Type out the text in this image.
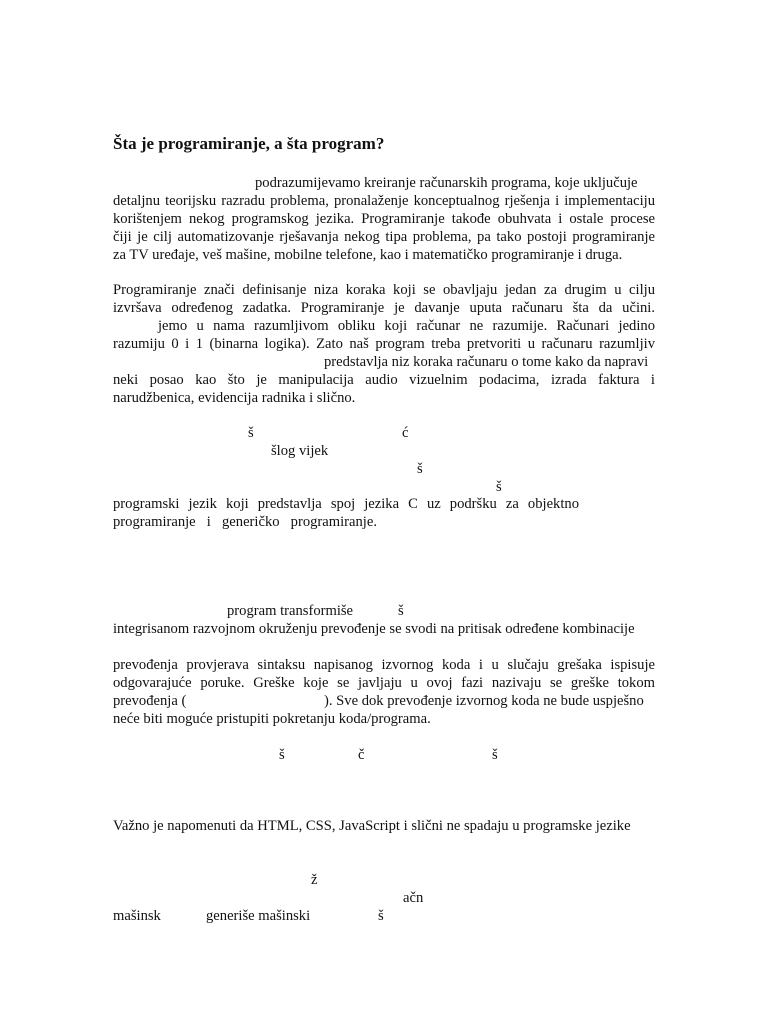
Šta je programiranje, a šta program?

podrazumijevamo kreiranje računarskih programa, koje uključuje

detaljnu teorijsku razradu problema, pronalaženje konceptualnog rješenja i implementaciju
korištenjem nekog programskog jezika. Programiranje takođe obuhvata i ostale procese
čiji je cilj automatizovanje rješavanja nekog tipa problema, pa tako postoji programiranje
za TV uređaje, veš mašine, mobilne telefone, kao i matematičko programiranje i druga.
Programiranje znači definisanje niza koraka koji se obavljaju jedan za drugim u cilju
izvršava određenog zadatka. Programiranje je davanje uputa računaru šta da učini.

jemo u nama razumljivom obliku koji računar ne razumije. Računari jedino

razumiju 0 i 1 (binarna logika). Zato naš program treba pretvoriti u računaru razumljiv

predstavlja niz koraka računaru o tome kako da napravi

neki posao kao što je manipulacija audio vizuelnim podacima, izrada faktura i
narudžbenica, evidencija radnika i slično.

š	ć

šlog vijek

š

š

programski jezik koji predstavlja spoj jezika C uz podršku za objektno
programiranje i generičko programiranje.

program transformiše	š

integrisanom razvojnom okruženju prevođenje se svodi na pritisak određene kombinacije

prevođenja provjerava sintaksu napisanog izvornog koda i u slučaju grešaka ispisuje
odgovarajuće poruke. Greške koje se javljaju u ovoj fazi nazivaju se greške tokom

prevođenja (	). Sve dok prevođenje izvornog koda ne bude uspješno

neće biti moguće pristupiti pokretanju koda/programa.

š	č	š

Važno je napomenuti da HTML, CSS, JavaScript i slični ne spadaju u programske jezike

ž

ačn

mašinsk	generiše mašinski	š
